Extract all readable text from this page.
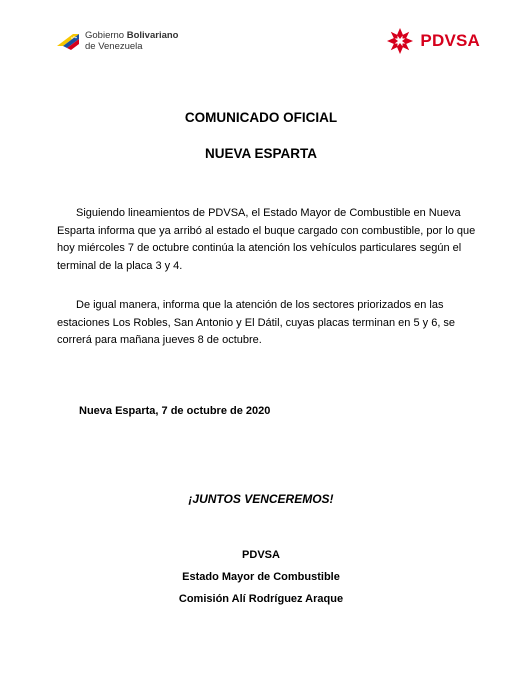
Gobierno Bolivariano
de Venezuela	PDVSA
COMUNICADO OFICIAL
NUEVA ESPARTA
Siguiendo lineamientos de PDVSA, el Estado Mayor de Combustible en Nueva Esparta informa que ya arribó al estado el buque cargado con combustible, por lo que hoy miércoles 7 de octubre continúa la atención los vehículos particulares según el terminal de la placa 3 y 4.
De igual manera, informa que la atención de los sectores priorizados en las estaciones Los Robles, San Antonio y El Dátil, cuyas placas terminan en 5 y 6, se correrá para mañana jueves 8 de octubre.
Nueva Esparta, 7 de octubre de 2020
¡JUNTOS VENCEREMOS!
PDVSA
Estado Mayor de Combustible
Comisión Alí Rodríguez Araque
